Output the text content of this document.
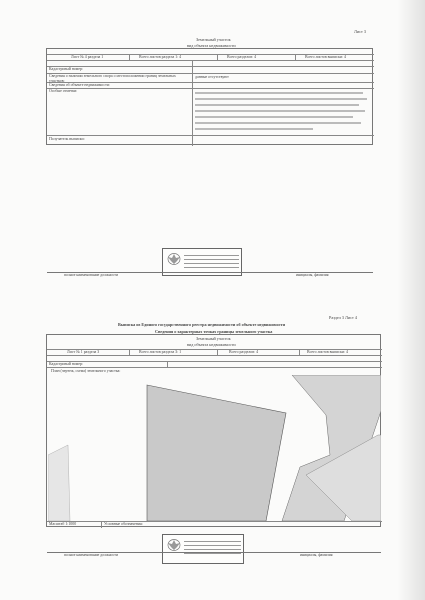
Лист 3
Земельный участок
вид объекта недвижимости
Лист № 4 раздела 1	Всего листов раздела 1: 4	Всего разделов: 4	Всего листов выписки: 4
Кадастровый номер:
Сведения о наличии земельного спора о местоположении границ земельных участков:
данные отсутствуют
Сведения об объекте недвижимости:
Особые отметки:
Получатель выписки:
полное наименование должности	инициалы, фамилия
Раздел 3 Лист 4
Выписка из Единого государственного реестра недвижимости об объекте недвижимости
Сведения о характерных точках границы земельного участка
Земельный участок
вид объекта недвижимости
Лист № 1 раздела 3	Всего листов раздела 3: 1	Всего разделов: 4	Всего листов выписки: 4
Кадастровый номер:
План (чертеж, схема) земельного участка:
Масштаб 1:1000	Условные обозначения:
полное наименование должности	инициалы, фамилия
